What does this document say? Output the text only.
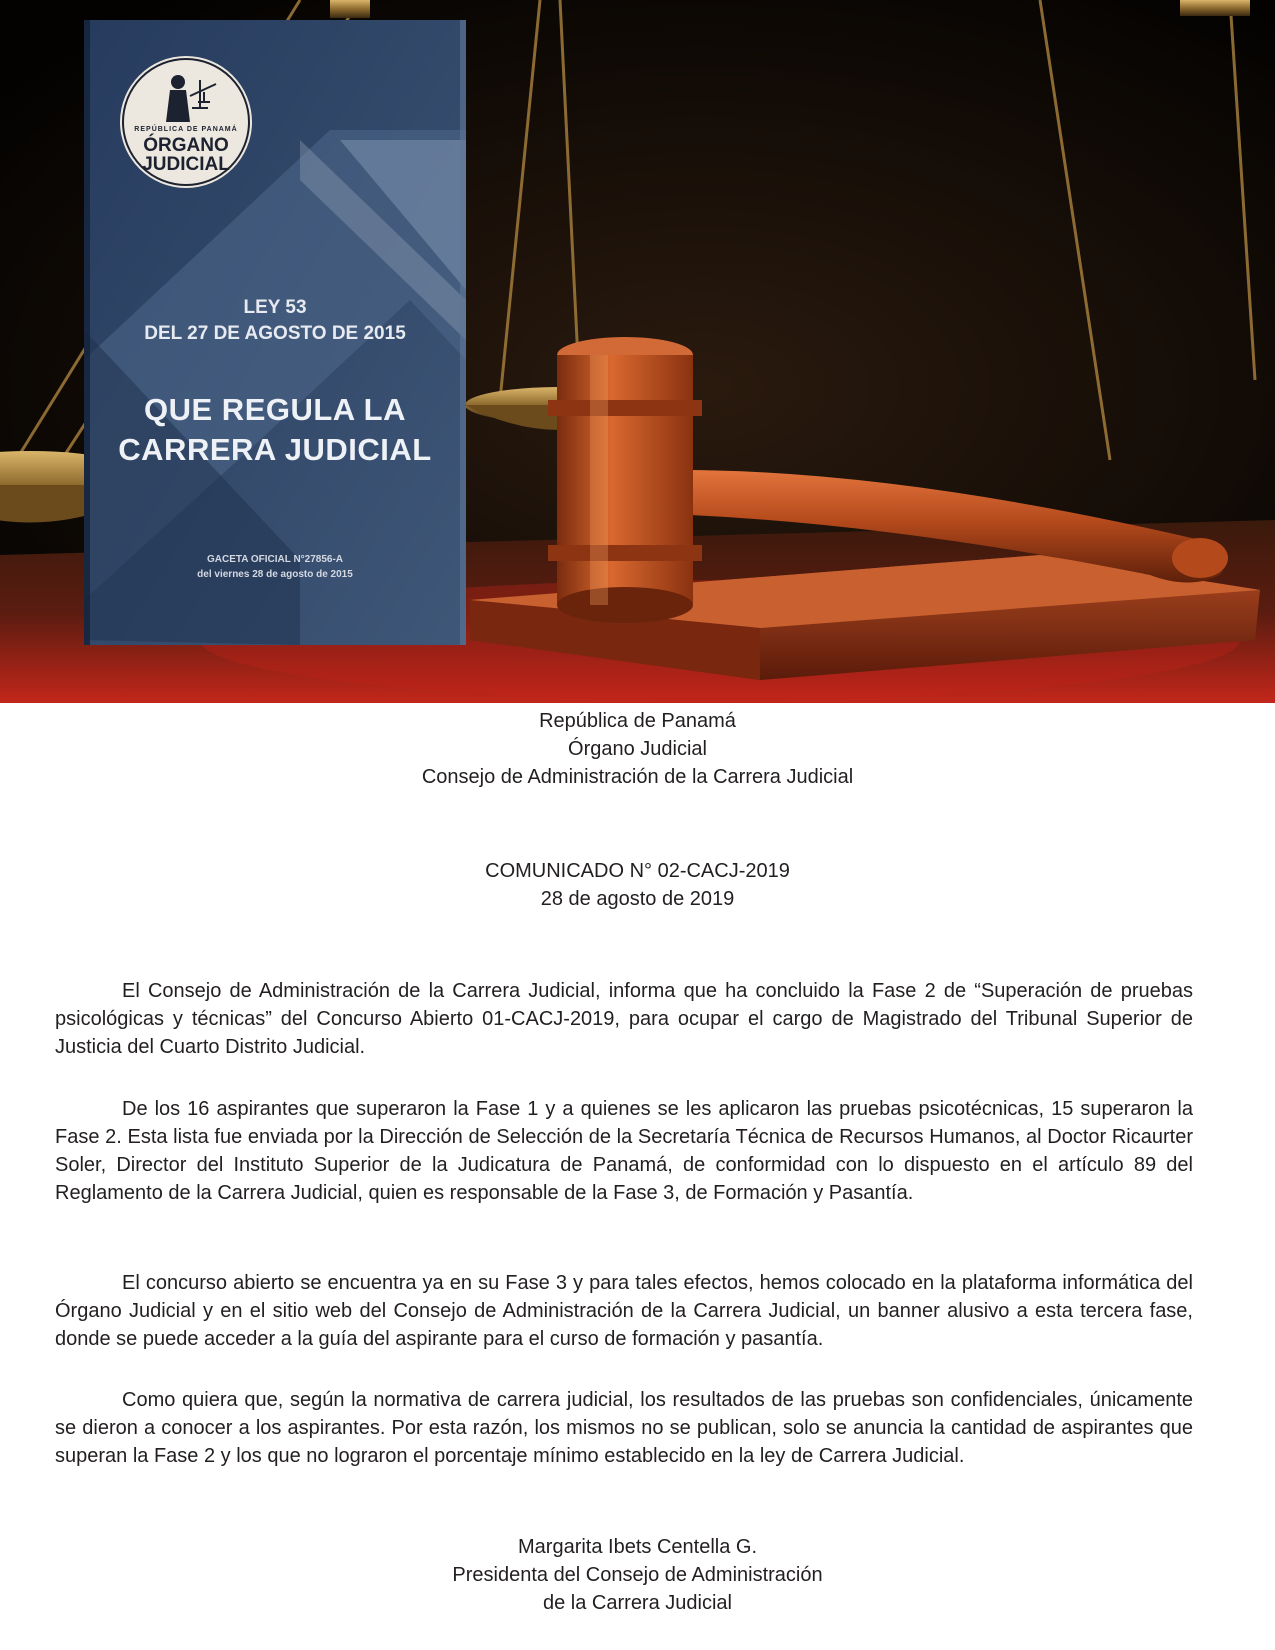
REPÚBLICA DE PANAMÁ
ÓRGANO
JUDICIAL
LEY 53
DEL 27 DE AGOSTO DE 2015
QUE REGULA LA
CARRERA JUDICIAL
GACETA OFICIAL N°27856-A
del viernes 28 de agosto de 2015
República de Panamá
Órgano Judicial
Consejo de Administración de la Carrera Judicial
COMUNICADO N° 02-CACJ-2019
28 de agosto de 2019
El Consejo de Administración de la Carrera Judicial, informa que ha concluido la Fase 2 de “Superación de pruebas psicológicas y técnicas” del Concurso Abierto 01-CACJ-2019, para ocupar el cargo de Magistrado del Tribunal Superior de Justicia del Cuarto Distrito Judicial.
De los 16 aspirantes que superaron la Fase 1 y a quienes se les aplicaron las pruebas psicotécnicas, 15 superaron la Fase 2. Esta lista fue enviada por la Dirección de Selección de la Secretaría Técnica de Recursos Humanos, al Doctor Ricaurter Soler, Director del Instituto Superior de la Judicatura de Panamá, de conformidad con lo dispuesto en el artículo 89 del Reglamento de la Carrera Judicial, quien es responsable de la Fase 3, de Formación y Pasantía.
El concurso abierto se encuentra ya en su Fase 3 y para tales efectos, hemos colocado en la plataforma informática del Órgano Judicial y en el sitio web del Consejo de Administración de la Carrera Judicial, un banner alusivo a esta tercera fase, donde se puede acceder a la guía del aspirante para el curso de formación y pasantía.
Como quiera que, según la normativa de carrera judicial, los resultados de las pruebas son confidenciales, únicamente se dieron a conocer a los aspirantes. Por esta razón, los mismos no se publican, solo se anuncia la cantidad de aspirantes que superan la Fase 2 y los que no lograron el porcentaje mínimo establecido en la ley de Carrera Judicial.
Margarita Ibets Centella G.
Presidenta del Consejo de Administración
de la Carrera Judicial
